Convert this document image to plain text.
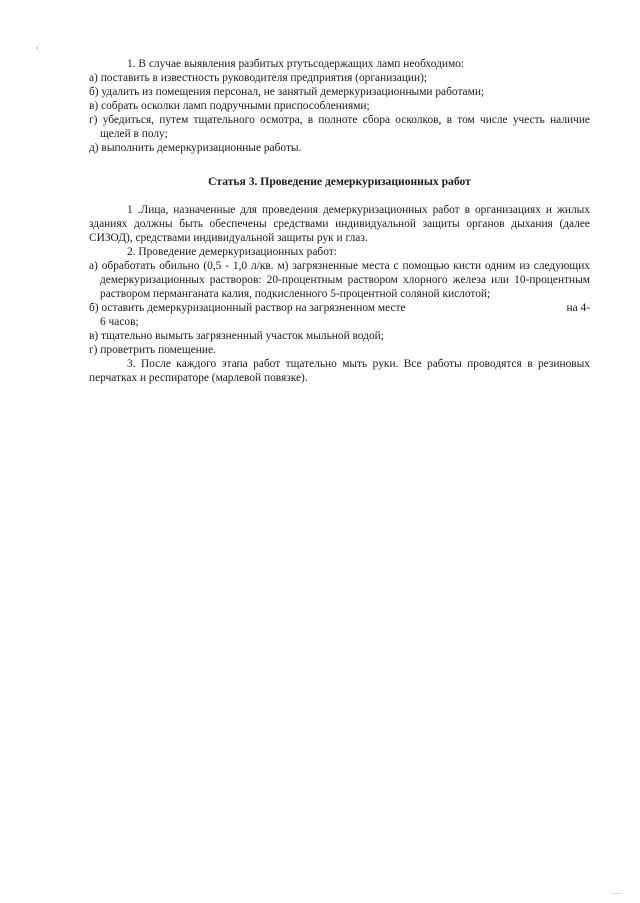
1. В случае выявления разбитых ртутьсодержащих ламп необходимо:
а) поставить в известность руководителя предприятия (организации);
б) удалить из помещения персонал, не занятый демеркуризационными работами;
в) собрать осколки ламп подручными приспособлениями;
г) убедиться, путем тщательного осмотра, в полноте сбора осколков, в том числе учесть наличие щелей в полу;
д) выполнить демеркуризационные работы.
Статья 3. Проведение демеркуризационных работ
1 .Лица, назначенные для проведения демеркуризационных работ в организациях и жилых зданиях должны быть обеспечены средствами индивидуальной защиты органов дыхания (далее СИЗОД), средствами индивидуальной защиты рук и глаз.
2. Проведение демеркуризационных работ:
а) обработать обильно (0,5 - 1,0 л/кв. м) загрязненные места с помощью кисти одним из следующих демеркуризационных растворов: 20-процентным раствором хлорного железа или 10-процентным раствором перманганата калия, подкисленного 5-процентной соляной кислотой;
б) оставить демеркуризационный раствор на загрязненном месте	на 4-
6 часов;
в) тщательно вымыть загрязненный участок мыльной водой;
г) проветрить помещение.
3. После каждого этапа работ тщательно мыть руки. Все работы проводятся в резиновых перчатках и респираторе (марлевой повязке).
